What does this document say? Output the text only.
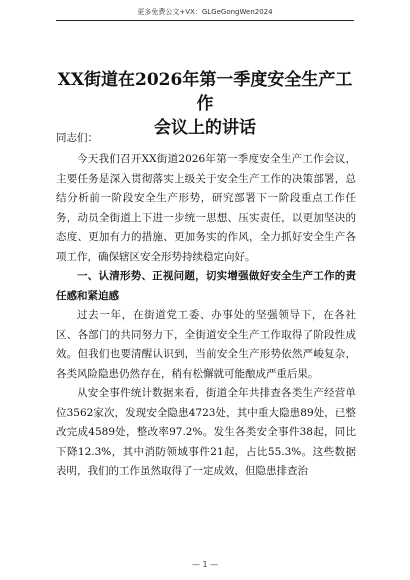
更多免费公文+VX：GLGeGongWen2024
XX街道在2026年第一季度安全生产工作
会议上的讲话
同志们：

今天我们召开XX街道2026年第一季度安全生产工作会议，主要任务是深入贯彻落实上级关于安全生产工作的决策部署，总结分析前一阶段安全生产形势，研究部署下一阶段重点工作任务，动员全街道上下进一步统一思想、压实责任，以更加坚决的态度、更加有力的措施、更加务实的作风，全力抓好安全生产各项工作，确保辖区安全形势持续稳定向好。

一、认清形势、正视问题，切实增强做好安全生产工作的责任感和紧迫感

过去一年，在街道党工委、办事处的坚强领导下，在各社区、各部门的共同努力下，全街道安全生产工作取得了阶段性成效。但我们也要清醒认识到，当前安全生产形势依然严峻复杂，各类风险隐患仍然存在，稍有松懈就可能酿成严重后果。

从安全事件统计数据来看，街道全年共排查各类生产经营单位3562家次，发现安全隐患4723处，其中重大隐患89处，已整改完成4589处，整改率97.2%。发生各类安全事件38起，同比下降12.3%，其中消防领域事件21起，占比55.3%。这些数据表明，我们的工作虽然取得了一定成效，但隐患排查治

— 1 —
